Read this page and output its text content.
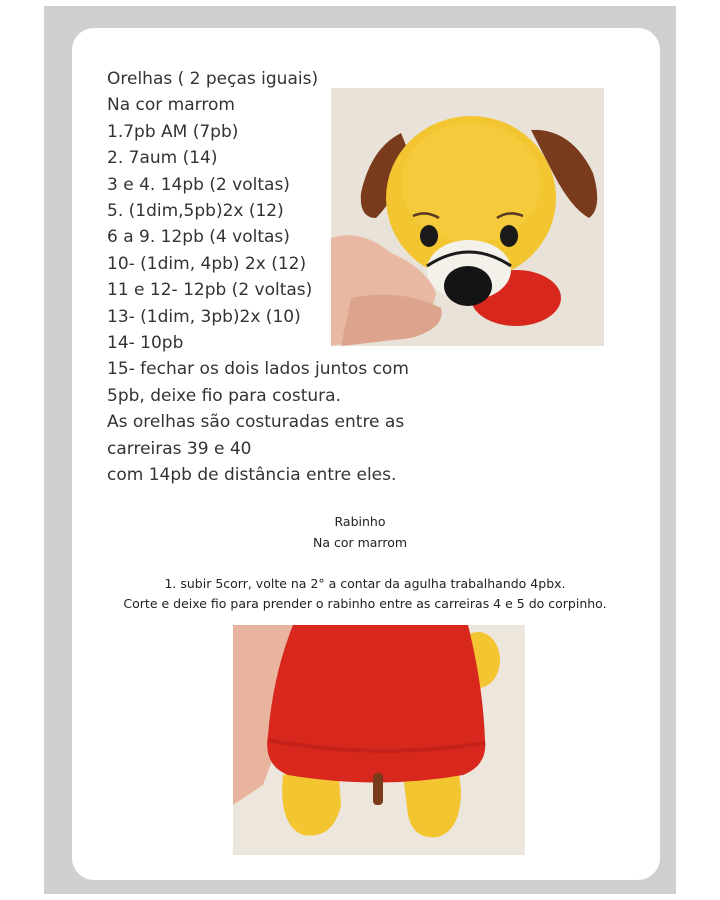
Orelhas ( 2 peças iguais)
Na cor marrom
1.7pb AM (7pb)
2. 7aum (14)
3 e 4. 14pb (2 voltas)
5. (1dim,5pb)2x (12)
6 a 9. 12pb (4 voltas)
10- (1dim, 4pb) 2x (12)
11 e 12- 12pb (2 voltas)
13- (1dim, 3pb)2x (10)
14- 10pb
15- fechar os dois lados juntos com
5pb, deixe fio para costura.
As orelhas são costuradas entre as
carreiras 39 e 40
com 14pb de distância entre eles.
Rabinho
Na cor marrom
1. subir 5corr, volte na 2° a contar da agulha trabalhando 4pbx.
Corte e deixe fio para prender o rabinho entre as carreiras 4 e 5 do corpinho.
